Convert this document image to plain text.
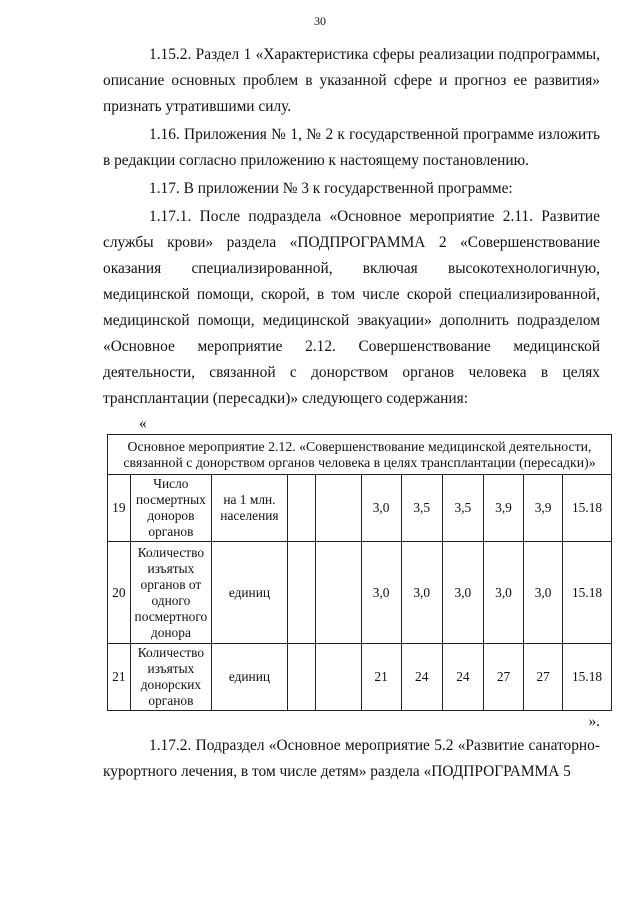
30

1.15.2. Раздел 1 «Характеристика сферы реализации подпрограммы, описание основных проблем в указанной сфере и прогноз ее развития» признать утратившими силу.

1.16. Приложения № 1, № 2 к государственной программе изложить в редакции согласно приложению к настоящему постановлению.

1.17. В приложении № 3 к государственной программе:

1.17.1. После подраздела «Основное мероприятие 2.11. Развитие службы крови» раздела «ПОДПРОГРАММА 2 «Совершенствование оказания специализированной, включая высокотехнологичную, медицинской помощи, скорой, в том числе скорой специализированной, медицинской помощи, медицинской эвакуации» дополнить подразделом «Основное мероприятие 2.12. Совершенствование медицинской деятельности, связанной с донорством органов человека в целях трансплантации (пересадки)» следующего содержания:

«

Основное мероприятие 2.12. «Совершенствование медицинской деятельности, связанной с донорством органов человека в целях трансплантации (пересадки)»										
19	Число посмертных доноров органов	на 1 млн. населения			3,0	3,5	3,5	3,9	3,9	15.18
20	Количество изъятых органов от одного посмертного донора	единиц			3,0	3,0	3,0	3,0	3,0	15.18
21	Количество изъятых донорских органов	единиц			21	24	24	27	27	15.18

».

1.17.2. Подраздел «Основное мероприятие 5.2 «Развитие санаторно-курортного лечения, в том числе детям» раздела «ПОДПРОГРАММА 5
